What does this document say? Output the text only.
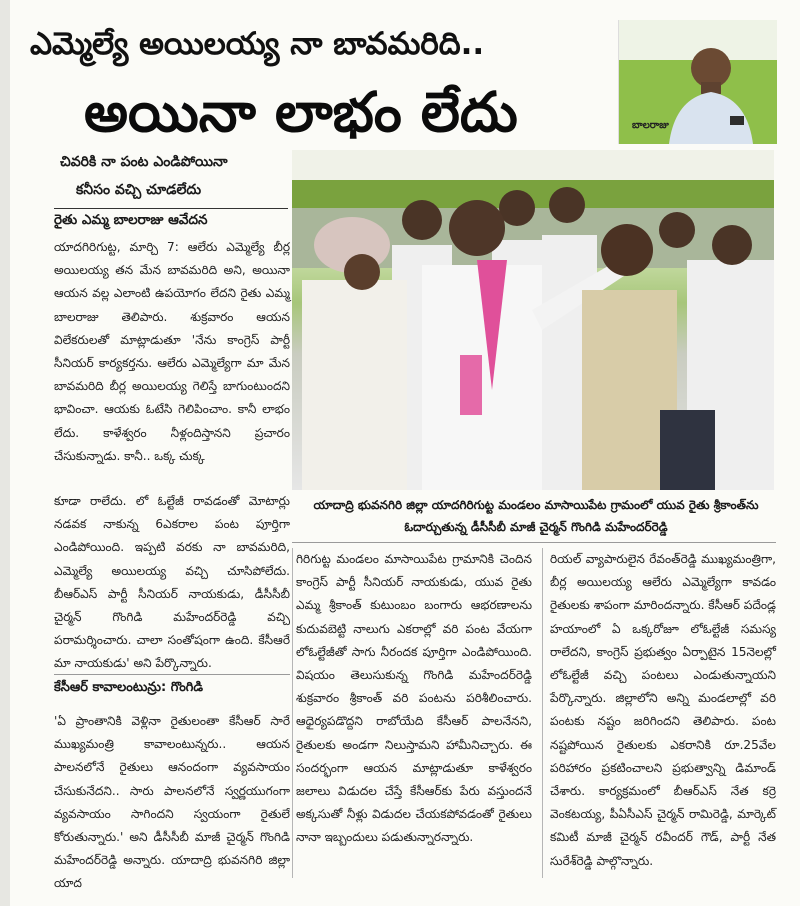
ఎమ్మెల్యే అయిలయ్య నా బావమరిది..
అయినా లాభం లేదు	బాలరాజు
చివరికి నా పంట ఎండిపోయినా
కనీసం వచ్చి చూడలేదు
రైతు ఎమ్మ బాలరాజు ఆవేదన
యాదగిరిగుట్ట, మార్చి 7: ఆలేరు ఎమ్మెల్యే బీర్ల అయిలయ్య తన మేన బావమరిది అని, అయినా ఆయన వల్ల ఎలాంటి ఉపయోగం లేదని రైతు ఎమ్మ బాలరాజు తెలిపారు. శుక్రవారం ఆయన విలేకరులతో మాట్లాడుతూ 'నేను కాంగ్రెస్ పార్టీ సీనియర్ కార్యకర్తను. ఆలేరు ఎమ్మెల్యేగా మా మేన బావమరిది బీర్ల అయిలయ్య గెలిస్తే బాగుంటుందని భావించా. ఆయకు ఓటేసి గెలిపించాం. కానీ లాభం లేదు. కాళేశ్వరం నీళ్లందిస్తానని ప్రచారం చేసుకున్నాడు. కానీ.. ఒక్క చుక్క
కూడా రాలేదు. లో ఓల్టేజీ రావడంతో మోటార్లు నడవక నాకున్న 6ఎకరాల పంట పూర్తిగా ఎండిపోయింది. ఇప్పటి వరకు నా బావమరిది, ఎమ్మెల్యే అయిలయ్య వచ్చి చూసిపోలేదు. బీఆర్ఎస్ పార్టీ సీనియర్ నాయకుడు, డీసీసీబీ చైర్మన్ గొంగిడి మహేందర్‌రెడ్డి వచ్చి పరామర్శించారు. చాలా సంతోషంగా ఉంది. కేసీఆరే మా నాయకుడు' అని పేర్కొన్నారు.
కేసీఆర్ కావాలంటున్రు: గొంగిడి
'ఏ ప్రాంతానికి వెళ్లినా రైతులంతా కేసీఆర్ సారే ముఖ్యమంత్రి కావాలంటున్నరు.. ఆయన పాలనలోనే రైతులు ఆనందంగా వ్యవసాయం చేసుకునేదని.. సారు పాలనలోనే స్వర్ణయుగంగా వ్యవసాయం సాగిందని స్వయంగా రైతులే కోరుతున్నారు.' అని డీసీసీబీ మాజీ చైర్మన్ గొంగిడి మహేందర్‌రెడ్డి అన్నారు. యాదాద్రి భువనగిరి జిల్లా యాద
యాదాద్రి భువనగిరి జిల్లా యాదగిరిగుట్ట మండలం మాసాయిపేట గ్రామంలో యువ రైతు శ్రీకాంత్‌ను ఓదార్చుతున్న డీసీసీబీ మాజీ చైర్మన్ గొంగిడి మహేందర్‌రెడ్డి
గిరిగుట్ట మండలం మాసాయిపేట గ్రామానికి చెందిన కాంగ్రెస్ పార్టీ సీనియర్ నాయకుడు, యువ రైతు ఎమ్మ శ్రీకాంత్ కుటుంబం బంగారు ఆభరణాలను కుదువబెట్టి నాలుగు ఎకరాల్లో వరి పంట వేయగా లోఓల్టేజీతో సాగు నీరందక పూర్తిగా ఎండిపోయింది. విషయం తెలుసుకున్న గొంగిడి మహేందర్‌రెడ్డి శుక్రవారం శ్రీకాంత్ వరి పంటను పరిశీలించారు. ఆధైర్యపడొద్దని రాబోయేది కేసీఆర్ పాలనేనని, రైతులకు అండగా నిలుస్తామని హామీనిచ్చారు. ఈ సందర్భంగా ఆయన మాట్లాడుతూ కాళేశ్వరం జలాలు విడుదల చేస్తే కేసీఆర్‌కు పేరు వస్తుందనే అక్కసుతో నీళ్లు విడుదల చేయకపోవడంతో రైతులు నానా ఇబ్బందులు పడుతున్నారన్నారు.
రియల్ వ్యాపారులైన రేవంత్‌రెడ్డి ముఖ్యమంత్రిగా, బీర్ల అయిలయ్య ఆలేరు ఎమ్మెల్యేగా కావడం రైతులకు శాపంగా మారిందన్నారు. కేసీఆర్ పదేండ్ల హయాంలో ఏ ఒక్కరోజూ లోఓల్టేజీ సమస్య రాలేదని, కాంగ్రెస్ ప్రభుత్వం ఏర్పాటైన 15నెలల్లో లోఓల్టేజీ వచ్చి పంటలు ఎండుతున్నాయని పేర్కొన్నారు. జిల్లాలోని అన్ని మండలాల్లో వరి పంటకు నష్టం జరిగిందని తెలిపారు. పంట నష్టపోయిన రైతులకు ఎకరానికి రూ.25వేల పరిహారం ప్రకటించాలని ప్రభుత్వాన్ని డిమాండ్ చేశారు. కార్యక్రమంలో బీఆర్ఎస్ నేత కర్రె వెంకటయ్య, పీఏసీఎస్ చైర్మన్ రామిరెడ్డి, మార్కెట్ కమిటీ మాజీ చైర్మన్ రవీందర్ గౌడ్, పార్టీ నేత సురేశ్‌రెడ్డి పాల్గొన్నారు.
